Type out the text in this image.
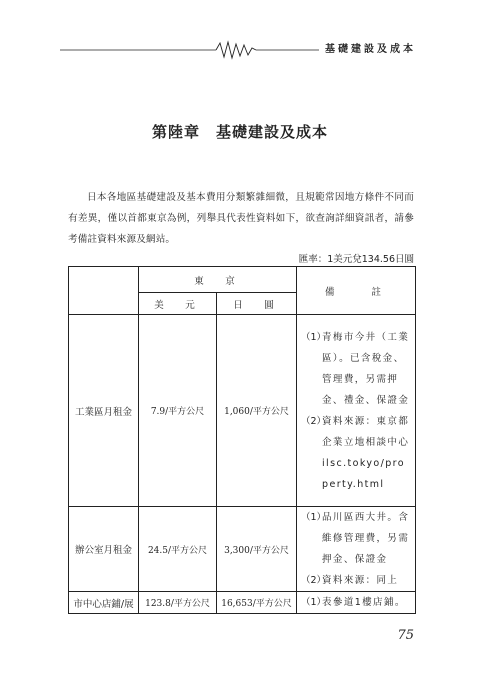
基礎建設及成本
第陸章　基礎建設及成本

日本各地區基礎建設及基本費用分類繁雜細微，且規範常因地方條件不同而有差異，僅以首都東京為例，列舉具代表性資料如下，欲查詢詳細資訊者，請參考備註資料來源及網站。

匯率：1美元兌134.56日圓
	東　京		備　　註
	美　元	日　圓	
工業區月租金	7.9/平方公尺	1,060/平方公尺	（1）
青梅市今井（工業區）。已含稅金、管理費，另需押金、禮金、保證金
（2）
資料來源：東京都企業立地相談中心ilsc.tokyo/property.html

辦公室月租金	24.5/平方公尺	3,300/平方公尺	（1）
品川區西大井。含維修管理費，另需押金、保證金
（2）
資料來源：同上

市中心店鋪/展	123.8/平方公尺	16,653/平方公尺	（1）
表參道1樓店鋪。
75
